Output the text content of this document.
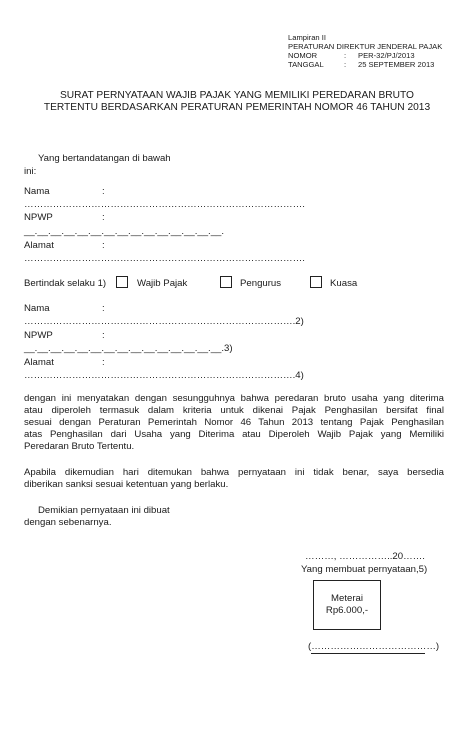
Lampiran II
PERATURAN DIREKTUR JENDERAL PAJAK
NOMOR	:	PER-32/PJ/2013
TANGGAL	:	25 SEPTEMBER 2013
SURAT PERNYATAAN WAJIB PAJAK YANG MEMILIKI PEREDARAN BRUTO
TERTENTU BERDASARKAN PERATURAN PEMERINTAH NOMOR 46 TAHUN 2013
Yang bertandatangan di bawah
ini:
Nama	:
…………………………………………………………………………….
NPWP	:
__.__.__.__.__.__.__.__.__.__.__.__.__.__.__.
Alamat	:
…………………………………………………………………………….
Bertindak selaku 1)	Wajib Pajak	Pengurus	Kuasa
Nama	:
………………………………………………………………………….2)
NPWP	:
__.__.__.__.__.__.__.__.__.__.__.__.__.__.__.3)
Alamat	:
………………………………………………………………………….4)
dengan ini menyatakan dengan sesungguhnya bahwa peredaran bruto usaha yang diterima
atau diperoleh termasuk dalam kriteria untuk dikenai Pajak Penghasilan bersifat final
sesuai dengan Peraturan Pemerintah Nomor 46 Tahun 2013 tentang Pajak Penghasilan
atas Penghasilan dari Usaha yang Diterima atau Diperoleh Wajib Pajak yang Memiliki
Peredaran Bruto Tertentu.
Apabila dikemudian hari ditemukan bahwa pernyataan ini tidak benar, saya bersedia
diberikan sanksi sesuai ketentuan yang berlaku.
Demikian pernyataan ini dibuat
dengan sebenarnya.
………, ……………..20…….
Yang membuat pernyataan,5)
Meterai
Rp6.000,-
(…………………………………)
